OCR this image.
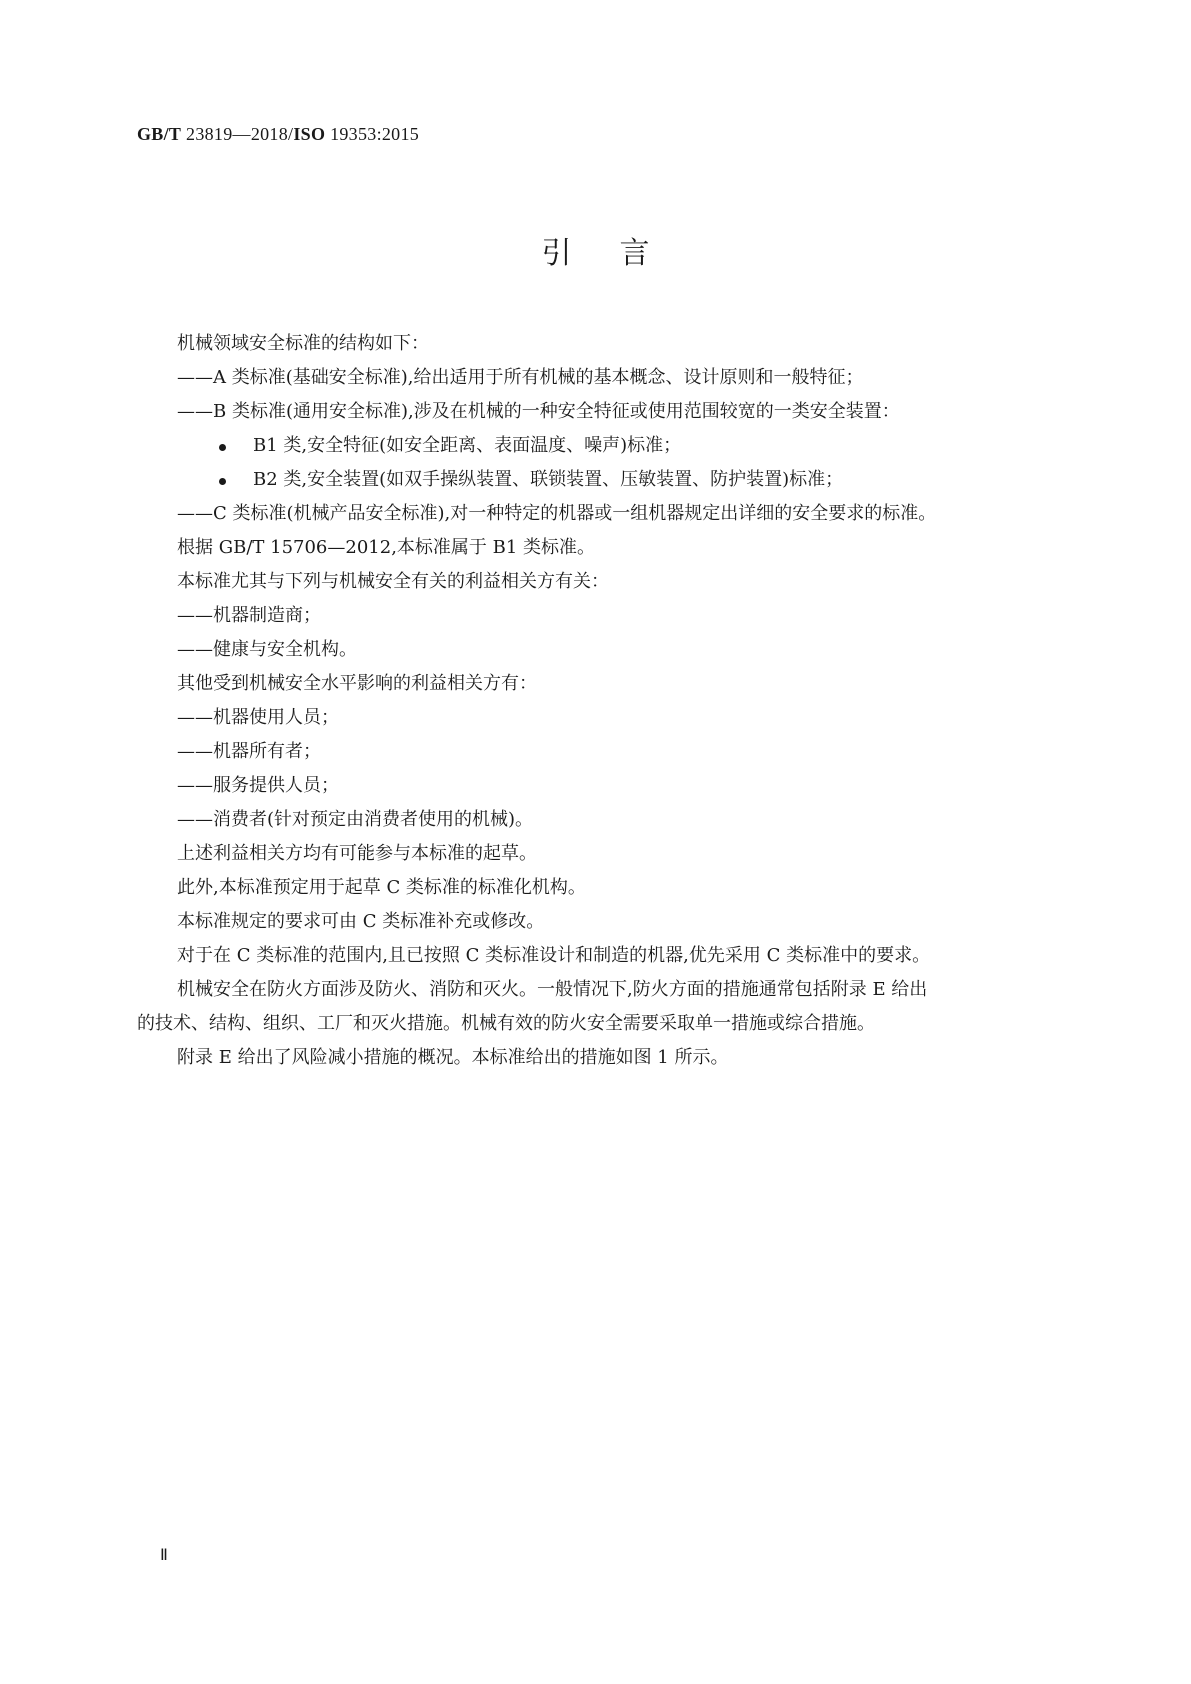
GB/T 23819—2018/ISO 19353:2015
引言
机械领域安全标准的结构如下：
——A 类标准(基础安全标准),给出适用于所有机械的基本概念、设计原则和一般特征；
——B 类标准(通用安全标准),涉及在机械的一种安全特征或使用范围较宽的一类安全装置：
B1 类,安全特征(如安全距离、表面温度、噪声)标准；
B2 类,安全装置(如双手操纵装置、联锁装置、压敏装置、防护装置)标准；
——C 类标准(机械产品安全标准),对一种特定的机器或一组机器规定出详细的安全要求的标准。
根据 GB/T 15706—2012,本标准属于 B1 类标准。
本标准尤其与下列与机械安全有关的利益相关方有关：
——机器制造商；
——健康与安全机构。
其他受到机械安全水平影响的利益相关方有：
——机器使用人员；
——机器所有者；
——服务提供人员；
——消费者(针对预定由消费者使用的机械)。
上述利益相关方均有可能参与本标准的起草。
此外,本标准预定用于起草 C 类标准的标准化机构。
本标准规定的要求可由 C 类标准补充或修改。
对于在 C 类标准的范围内,且已按照 C 类标准设计和制造的机器,优先采用 C 类标准中的要求。
机械安全在防火方面涉及防火、消防和灭火。一般情况下,防火方面的措施通常包括附录 E 给出
的技术、结构、组织、工厂和灭火措施。机械有效的防火安全需要采取单一措施或综合措施。
附录 E 给出了风险减小措施的概况。本标准给出的措施如图 1 所示。
Ⅱ
